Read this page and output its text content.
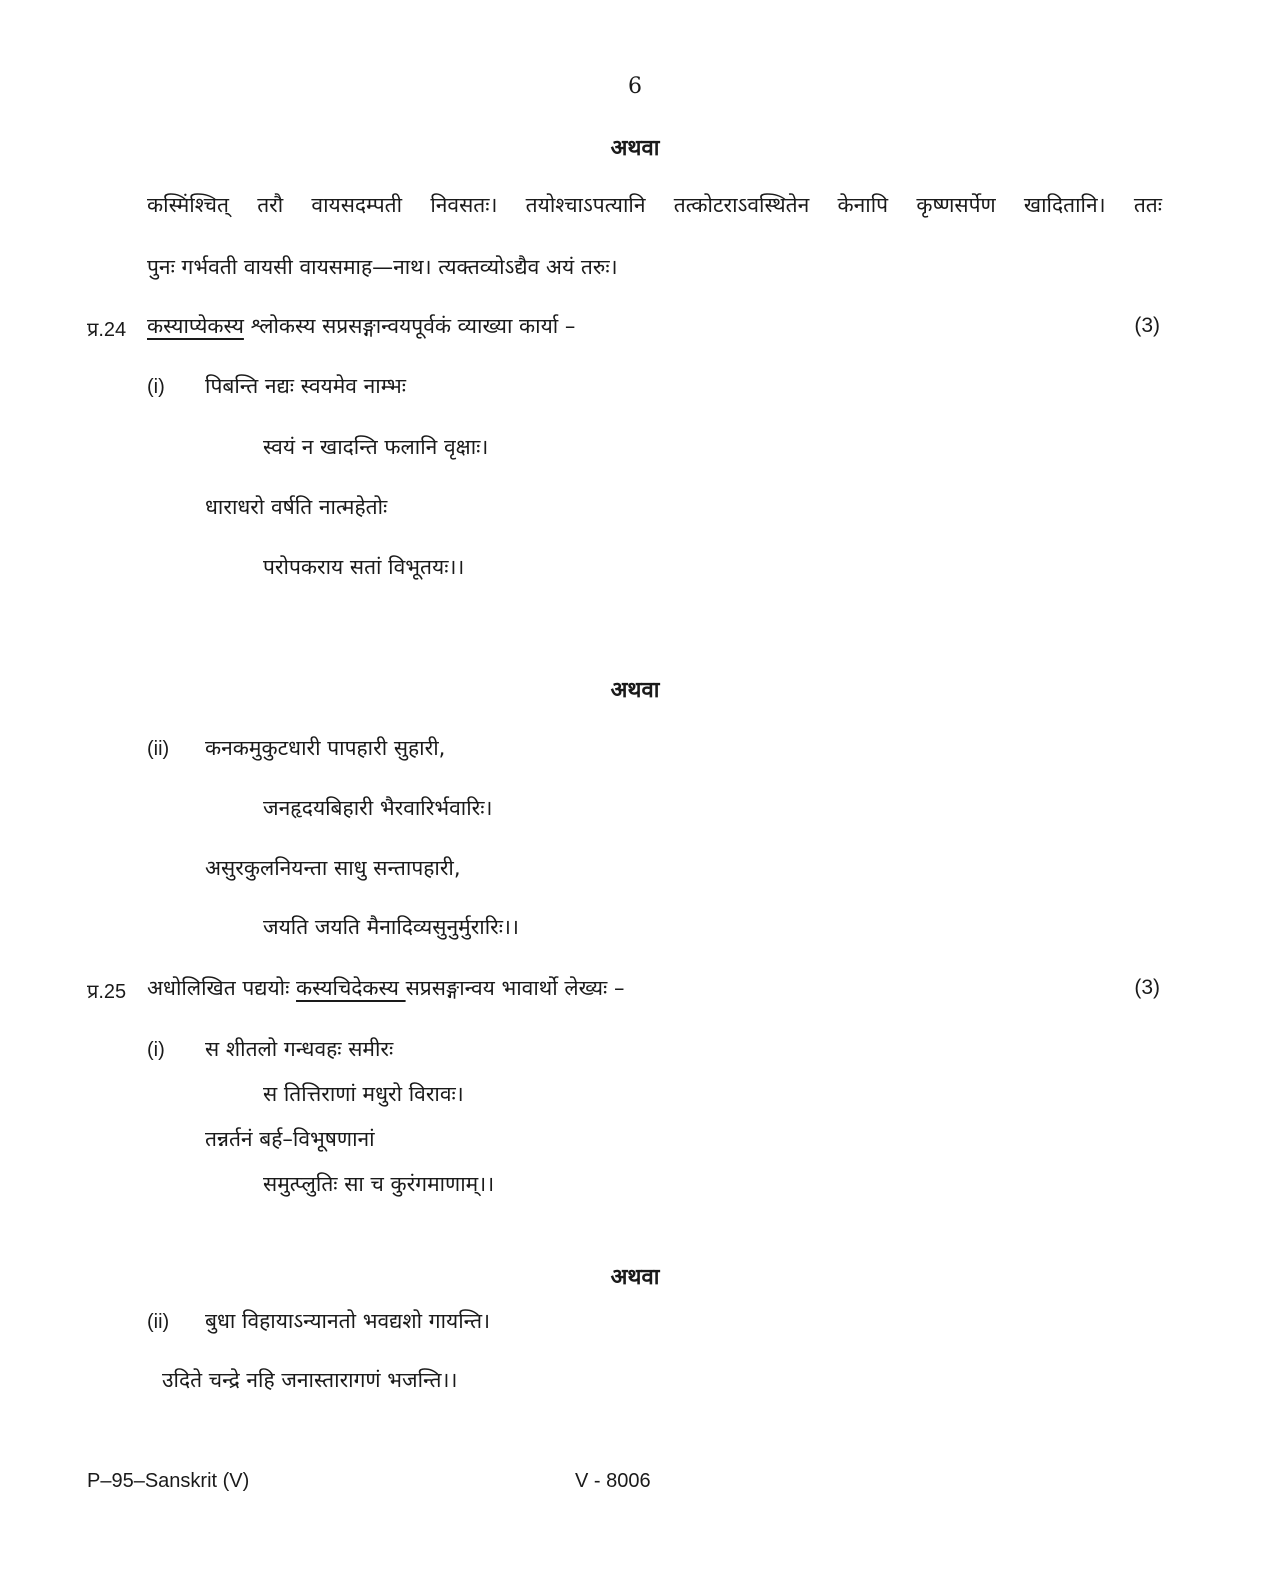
6
अथवा
कस्मिंश्चित् तरौ वायसदम्पती निवसतः। तयोश्चाऽपत्यानि तत्कोटराऽवस्थितेन केनापि कृष्णसर्पेण खादितानि। ततः
पुनः गर्भवती वायसी वायसमाह—नाथ। त्यक्तव्योऽद्यैव अयं तरुः।
प्र.24 कस्याप्येकस्य श्लोकस्य सप्रसङ्गान्वयपूर्वकं व्याख्या कार्या –	(3)
(i) पिबन्ति नद्यः स्वयमेव नाम्भः
स्वयं न खादन्ति फलानि वृक्षाः।
धाराधरो वर्षति नात्महेतोः
परोपकराय सतां विभूतयः।।
अथवा
(ii) कनकमुकुटधारी पापहारी सुहारी,
जनहृदयबिहारी भैरवारिर्भवारिः।
असुरकुलनियन्ता साधु सन्तापहारी,
जयति जयति मैनादिव्यसुनुर्मुरारिः।।
प्र.25 अधोलिखित पद्ययोः कस्यचिदेकस्य सप्रसङ्गान्वय भावार्थो लेख्यः –	(3)
(i) स शीतलो गन्धवहः समीरः
स तित्तिराणां मधुरो विरावः।
तन्नर्तनं बर्ह–विभूषणानां
समुत्प्लुतिः सा च कुरंगमाणाम्।।
अथवा
(ii) बुधा विहायाऽन्यानतो भवद्यशो गायन्ति।
उदिते चन्द्रे नहि जनास्तारागणं भजन्ति।।
P–95–Sanskrit (V)	V - 8006
